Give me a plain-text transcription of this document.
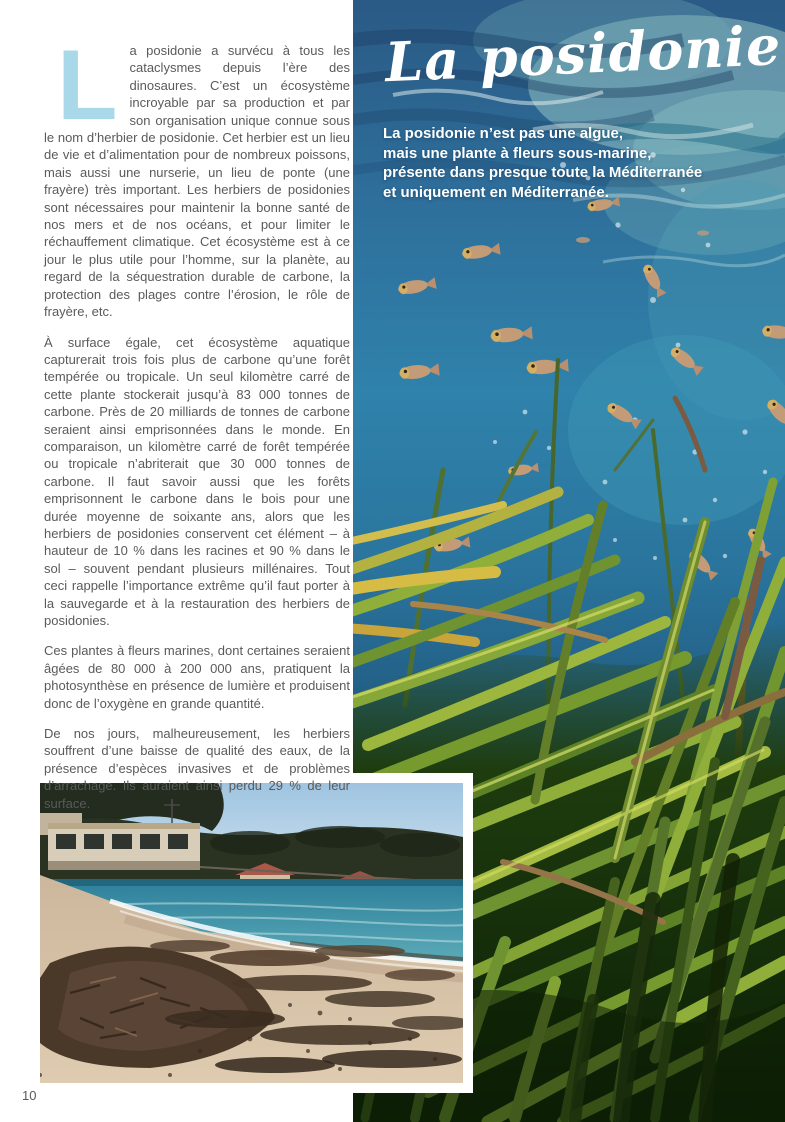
La posidonie a survécu à tous les cataclysmes depuis l’ère des dinosaures. C’est un écosystème incroyable par sa production et par son organisation unique connue sous le nom d’herbier de posidonie. Cet herbier est un lieu de vie et d’alimentation pour de nombreux poissons, mais aussi une nurserie, un lieu de ponte (une frayère) très important. Les herbiers de posidonies sont nécessaires pour maintenir la bonne santé de nos mers et de nos océans, et pour limiter le réchauffement climatique. Cet écosystème est à ce jour le plus utile pour l’homme, sur la planète, au regard de la séquestration durable de carbone, la protection des plages contre l’érosion, le rôle de frayère, etc.

À surface égale, cet écosystème aquatique capturerait trois fois plus de carbone qu’une forêt tempérée ou tropicale. Un seul kilomètre carré de cette plante stockerait jusqu’à 83 000 tonnes de carbone. Près de 20 milliards de tonnes de carbone seraient ainsi emprisonnées dans le monde. En comparaison, un kilomètre carré de forêt tempérée ou tropicale n’abriterait que 30 000 tonnes de carbone. Il faut savoir aussi que les forêts emprisonnent le carbone dans le bois pour une durée moyenne de soixante ans, alors que les herbiers de posidonies conservent cet élément – à hauteur de 10 % dans les racines et 90 % dans le sol – souvent pendant plusieurs millénaires. Tout ceci rappelle l’importance extrême qu’il faut porter à la sauvegarde et à la restauration des herbiers de posidonies.

Ces plantes à fleurs marines, dont certaines seraient âgées de 80 000 à 200 000 ans, pratiquent la photosynthèse en présence de lumière et produisent donc de l’oxygène en grande quantité.

De nos jours, malheureusement, les herbiers souffrent d’une baisse de qualité des eaux, de la présence d’espèces invasives et de problèmes d’arrachage. Ils auraient ainsi perdu 29 % de leur surface.

La posidonie
La posidonie n’est pas une algue,
mais une plante à fleurs sous-marine,
présente dans presque toute la Méditerranée
et uniquement en Méditerranée.
10
